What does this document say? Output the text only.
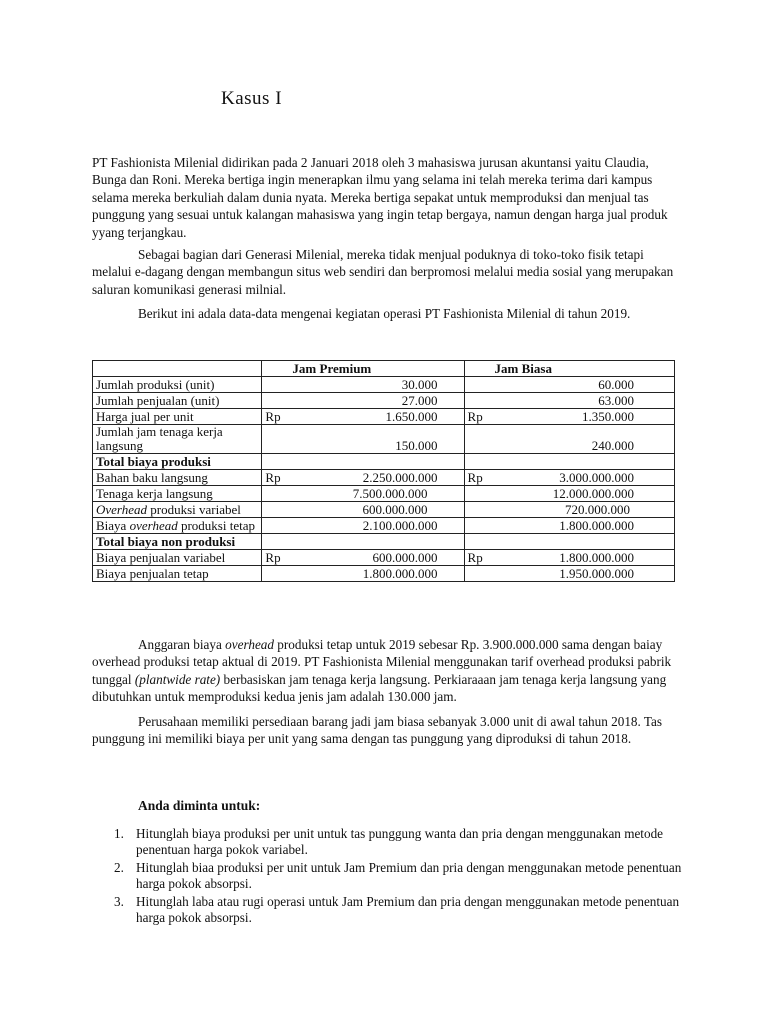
Kasus I

PT Fashionista Milenial didirikan pada 2 Januari 2018 oleh 3 mahasiswa jurusan akuntansi yaitu Claudia, Bunga dan Roni. Mereka bertiga ingin menerapkan ilmu yang selama ini telah mereka terima dari kampus selama mereka berkuliah dalam dunia nyata. Mereka bertiga sepakat untuk memproduksi dan menjual tas punggung yang sesuai untuk kalangan mahasiswa yang ingin tetap bergaya, namun dengan harga jual produk yyang terjangkau.

Sebagai bagian dari Generasi Milenial, mereka tidak menjual poduknya di toko-toko fisik tetapi melalui e-dagang dengan membangun situs web sendiri dan berpromosi melalui media sosial yang merupakan saluran komunikasi generasi milnial.

Berikut ini adala data-data mengenai kegiatan operasi PT Fashionista Milenial di tahun 2019.

	Jam Premium	Jam Biasa
Jumlah produksi (unit)	30.000	60.000
Jumlah penjualan (unit)	27.000	63.000
Harga jual per unit	Rp 1.650.000	Rp 1.350.000

Jumlah jam tenaga kerja
langsung	150.000	240.000
Total biaya produksi		
Bahan baku langsung	Rp 2.250.000.000	Rp 3.000.000.000

Tenaga kerja langsung	7.500.000.000	12.000.000.000
Overhead produksi variabel	600.000.000	720.000.000
Biaya overhead produksi tetap	2.100.000.000	1.800.000.000
Total biaya non produksi		
Biaya penjualan variabel	Rp 600.000.000	Rp 1.800.000.000

Biaya penjualan tetap	1.800.000.000	1.950.000.000

Anggaran biaya overhead produksi tetap untuk 2019 sebesar Rp. 3.900.000.000 sama dengan baiay overhead produksi tetap aktual di 2019. PT Fashionista Milenial menggunakan tarif overhead produksi pabrik tunggal (plantwide rate) berbasiskan jam tenaga kerja langsung. Perkiaraaan jam tenaga kerja langsung yang dibutuhkan untuk memproduksi kedua jenis jam adalah 130.000 jam.

Perusahaan memiliki persediaan barang jadi jam biasa sebanyak 3.000 unit di awal tahun 2018. Tas punggung ini memiliki biaya per unit yang sama dengan tas punggung yang diproduksi di tahun 2018.

Anda diminta untuk:
1. Hitunglah biaya produksi per unit untuk tas punggung wanta dan pria dengan menggunakan metode penentuan harga pokok variabel.
2. Hitunglah biaa produksi per unit untuk Jam Premium dan pria dengan menggunakan metode penentuan harga pokok absorpsi.
3. Hitunglah laba atau rugi operasi untuk Jam Premium dan pria dengan menggunakan metode penentuan harga pokok absorpsi.
